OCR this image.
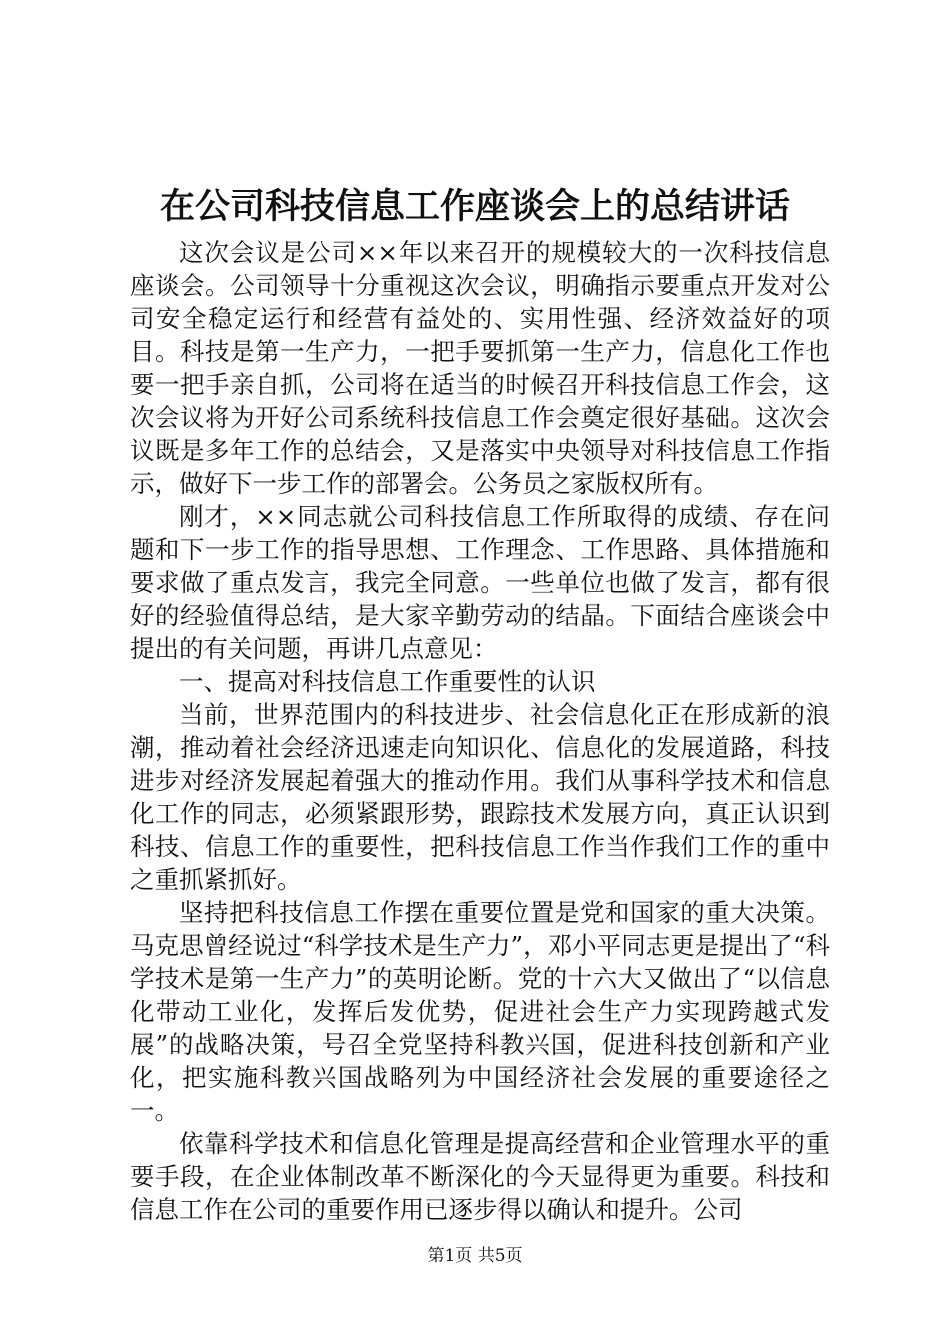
在公司科技信息工作座谈会上的总结讲话

这次会议是公司××年以来召开的规模较大的一次科技信息座谈会。公司领导十分重视这次会议，明确指示要重点开发对公司安全稳定运行和经营有益处的、实用性强、经济效益好的项目。科技是第一生产力，一把手要抓第一生产力，信息化工作也要一把手亲自抓，公司将在适当的时候召开科技信息工作会，这次会议将为开好公司系统科技信息工作会奠定很好基础。这次会议既是多年工作的总结会，又是落实中央领导对科技信息工作指示，做好下一步工作的部署会。公务员之家版权所有。

刚才，××同志就公司科技信息工作所取得的成绩、存在问题和下一步工作的指导思想、工作理念、工作思路、具体措施和要求做了重点发言，我完全同意。一些单位也做了发言，都有很好的经验值得总结，是大家辛勤劳动的结晶。下面结合座谈会中提出的有关问题，再讲几点意见：

一、提高对科技信息工作重要性的认识

当前，世界范围内的科技进步、社会信息化正在形成新的浪潮，推动着社会经济迅速走向知识化、信息化的发展道路，科技进步对经济发展起着强大的推动作用。我们从事科学技术和信息化工作的同志，必须紧跟形势，跟踪技术发展方向，真正认识到科技、信息工作的重要性，把科技信息工作当作我们工作的重中之重抓紧抓好。

坚持把科技信息工作摆在重要位置是党和国家的重大决策。马克思曾经说过“科学技术是生产力”，邓小平同志更是提出了“科学技术是第一生产力”的英明论断。党的十六大又做出了“以信息化带动工业化，发挥后发优势，促进社会生产力实现跨越式发展”的战略决策，号召全党坚持科教兴国，促进科技创新和产业化，把实施科教兴国战略列为中国经济社会发展的重要途径之一。

依靠科学技术和信息化管理是提高经营和企业管理水平的重要手段，在企业体制改革不断深化的今天显得更为重要。科技和信息工作在公司的重要作用已逐步得以确认和提升。公司

第1页 共5页
